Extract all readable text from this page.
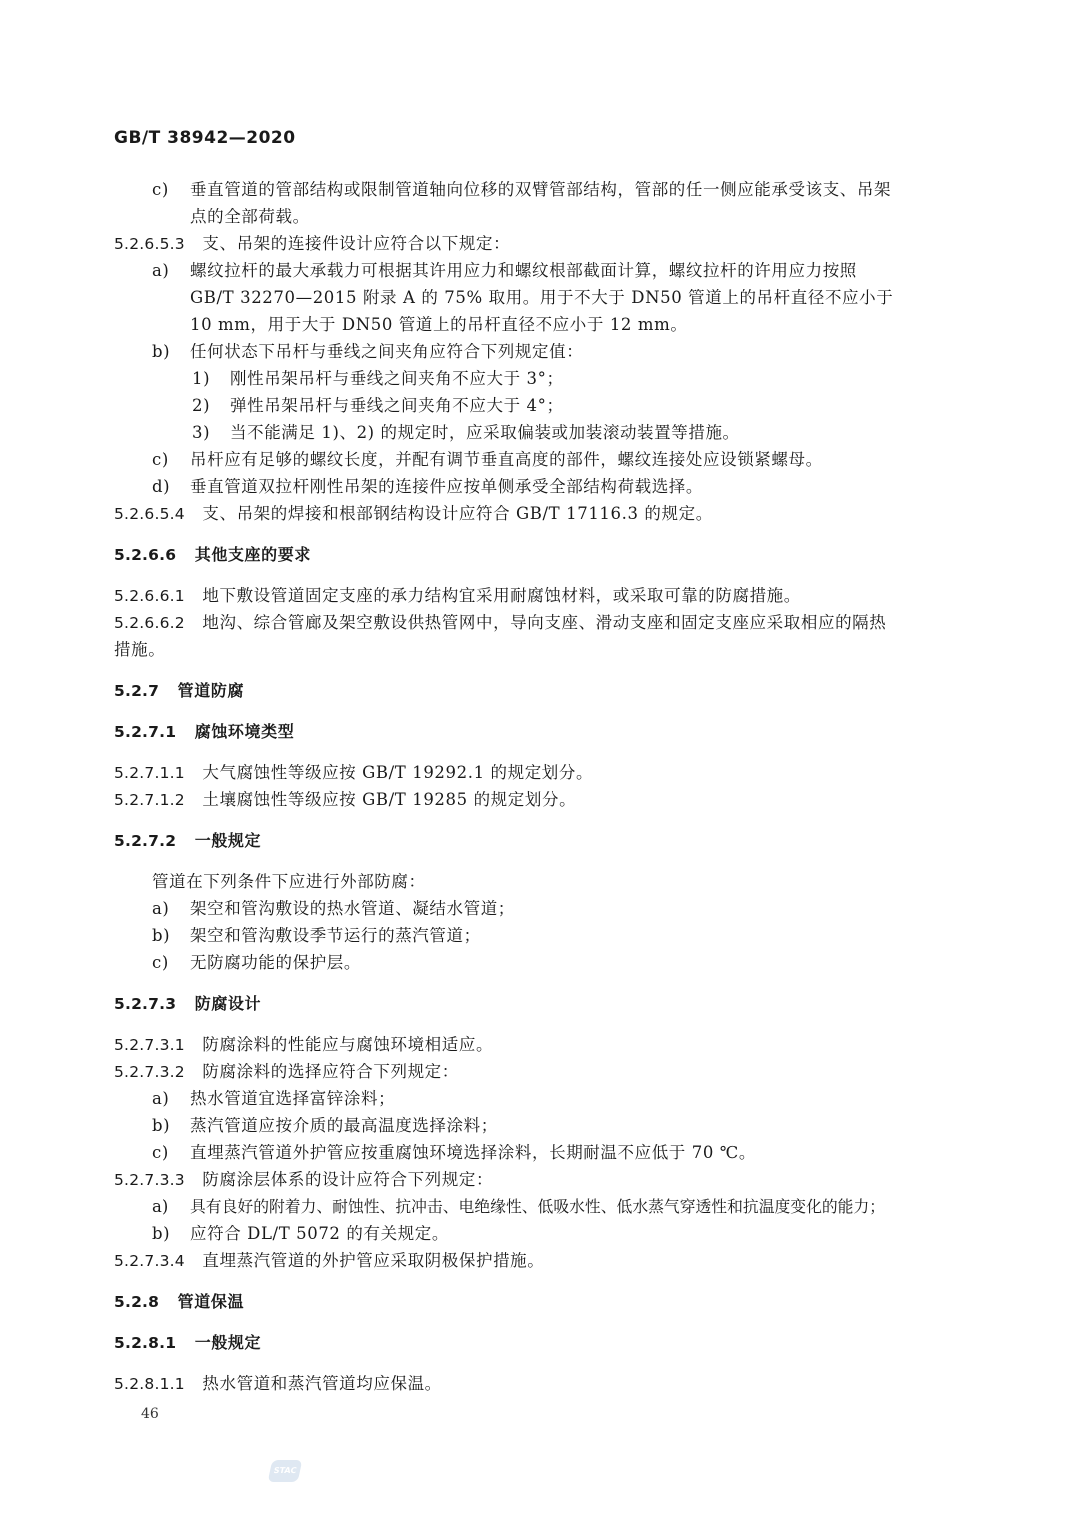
GB/T 38942—2020
c) 垂直管道的管部结构或限制管道轴向位移的双臂管部结构，管部的任一侧应能承受该支、吊架
点的全部荷载。
5.2.6.5.3 支、吊架的连接件设计应符合以下规定：
a) 螺纹拉杆的最大承载力可根据其许用应力和螺纹根部截面计算，螺纹拉杆的许用应力按照
GB/T 32270—2015 附录 A 的 75% 取用。用于不大于 DN50 管道上的吊杆直径不应小于
10 mm，用于大于 DN50 管道上的吊杆直径不应小于 12 mm。
b) 任何状态下吊杆与垂线之间夹角应符合下列规定值：
1) 刚性吊架吊杆与垂线之间夹角不应大于 3°；
2) 弹性吊架吊杆与垂线之间夹角不应大于 4°；
3) 当不能满足 1)、2) 的规定时，应采取偏装或加装滚动装置等措施。
c) 吊杆应有足够的螺纹长度，并配有调节垂直高度的部件，螺纹连接处应设锁紧螺母。
d) 垂直管道双拉杆刚性吊架的连接件应按单侧承受全部结构荷载选择。
5.2.6.5.4 支、吊架的焊接和根部钢结构设计应符合 GB/T 17116.3 的规定。
5.2.6.6 其他支座的要求
5.2.6.6.1 地下敷设管道固定支座的承力结构宜采用耐腐蚀材料，或采取可靠的防腐措施。
5.2.6.6.2 地沟、综合管廊及架空敷设供热管网中，导向支座、滑动支座和固定支座应采取相应的隔热
措施。
5.2.7 管道防腐
5.2.7.1 腐蚀环境类型
5.2.7.1.1 大气腐蚀性等级应按 GB/T 19292.1 的规定划分。
5.2.7.1.2 土壤腐蚀性等级应按 GB/T 19285 的规定划分。
5.2.7.2 一般规定
管道在下列条件下应进行外部防腐：
a) 架空和管沟敷设的热水管道、凝结水管道；
b) 架空和管沟敷设季节运行的蒸汽管道；
c) 无防腐功能的保护层。
5.2.7.3 防腐设计
5.2.7.3.1 防腐涂料的性能应与腐蚀环境相适应。
5.2.7.3.2 防腐涂料的选择应符合下列规定：
a) 热水管道宜选择富锌涂料；
b) 蒸汽管道应按介质的最高温度选择涂料；
c) 直埋蒸汽管道外护管应按重腐蚀环境选择涂料，长期耐温不应低于 70 ℃。
5.2.7.3.3 防腐涂层体系的设计应符合下列规定：
a) 具有良好的附着力、耐蚀性、抗冲击、电绝缘性、低吸水性、低水蒸气穿透性和抗温度变化的能力；
b) 应符合 DL/T 5072 的有关规定。
5.2.7.3.4 直埋蒸汽管道的外护管应采取阴极保护措施。
5.2.8 管道保温
5.2.8.1 一般规定
5.2.8.1.1 热水管道和蒸汽管道均应保温。
46
STAC
